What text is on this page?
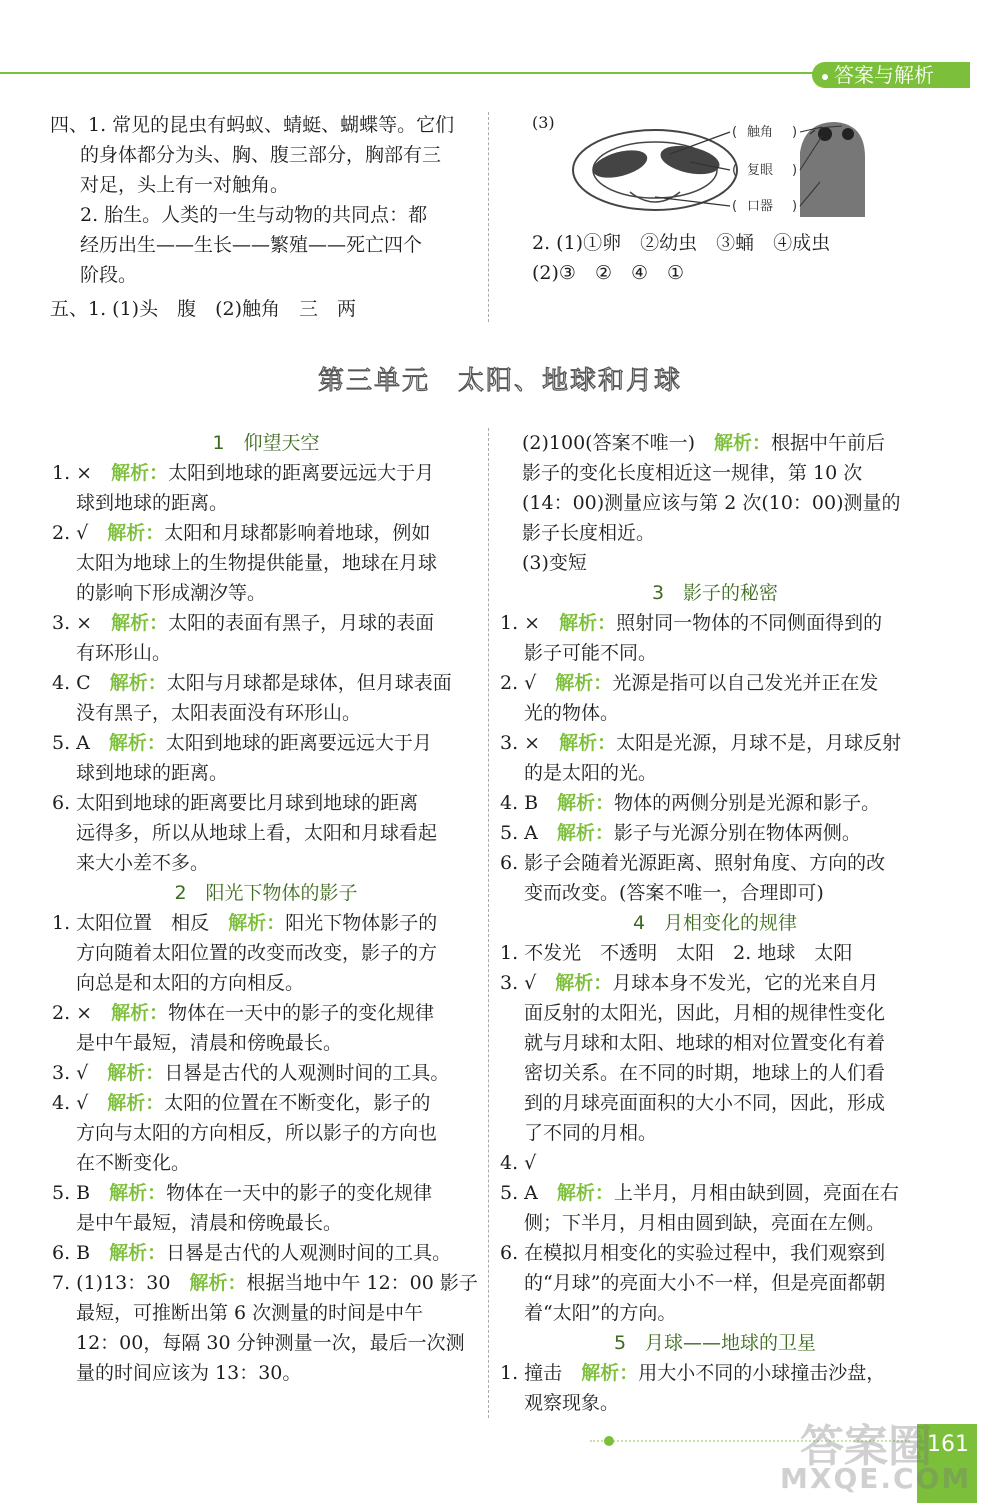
答案与解析

四、1. 常见的昆虫有蚂蚁、蜻蜓、蝴蝶等。它们

的身体都分为头、胸、腹三部分，胸部有三

对足，头上有一对触角。

2. 胎生。人类的一生与动物的共同点：都

经历出生——生长——繁殖——死亡四个

阶段。

五、1. (1)头　腹　(2)触角　三　两

(3)
(	)
(	)
(	)
触角
复眼
口器

2. (1)①卵　②幼虫　③蛹　④成虫

(2)③　②　④　①

第三单元　太阳、地球和月球

1　仰望天空

1. ×　 解析：太阳到地球的距离要远远大于月

球到地球的距离。

2. √　 解析：太阳和月球都影响着地球，例如

太阳为地球上的生物提供能量，地球在月球

的影响下形成潮汐等。

3. ×　 解析：太阳的表面有黑子，月球的表面

有环形山。

4. C　 解析：太阳与月球都是球体，但月球表面

没有黑子，太阳表面没有环形山。

5. A　 解析：太阳到地球的距离要远远大于月

球到地球的距离。

6. 太阳到地球的距离要比月球到地球的距离

远得多，所以从地球上看，太阳和月球看起

来大小差不多。

2　阳光下物体的影子

1. 太阳位置　相反　 解析：阳光下物体影子的

方向随着太阳位置的改变而改变，影子的方

向总是和太阳的方向相反。

2. ×　 解析：物体在一天中的影子的变化规律

是中午最短，清晨和傍晚最长。

3. √　 解析：日晷是古代的人观测时间的工具。

4. √　 解析：太阳的位置在不断变化，影子的

方向与太阳的方向相反，所以影子的方向也

在不断变化。

5. B　 解析：物体在一天中的影子的变化规律

是中午最短，清晨和傍晚最长。

6. B　 解析：日晷是古代的人观测时间的工具。

7. (1)13：30　 解析：根据当地中午 12：00 影子

最短，可推断出第 6 次测量的时间是中午

12：00，每隔 30 分钟测量一次，最后一次测

量的时间应该为 13：30。

(2)100(答案不唯一)　 解析：根据中午前后

影子的变化长度相近这一规律，第 10 次

(14：00)测量应该与第 2 次(10：00)测量的

影子长度相近。

(3)变短

3　影子的秘密

1. ×　 解析：照射同一物体的不同侧面得到的

影子可能不同。

2. √　 解析：光源是指可以自己发光并正在发

光的物体。

3. ×　 解析：太阳是光源，月球不是，月球反射

的是太阳的光。

4. B　 解析：物体的两侧分别是光源和影子。

5. A　 解析：影子与光源分别在物体两侧。

6. 影子会随着光源距离、照射角度、方向的改

变而改变。(答案不唯一，合理即可)

4　月相变化的规律

1. 不发光　不透明　太阳　2. 地球　太阳

3. √　 解析：月球本身不发光，它的光来自月

面反射的太阳光，因此，月相的规律性变化

就与月球和太阳、地球的相对位置变化有着

密切关系。在不同的时期，地球上的人们看

到的月球亮面面积的大小不同，因此，形成

了不同的月相。

4. √

5. A　 解析：上半月，月相由缺到圆，亮面在右

侧；下半月，月相由圆到缺，亮面在左侧。

6. 在模拟月相变化的实验过程中，我们观察到

的“月球”的亮面大小不一样，但是亮面都朝

着“太阳”的方向。

5　月球——地球的卫星

1. 撞击　 解析：用大小不同的小球撞击沙盘，

观察现象。

161
答案圈
MXQE.COM
